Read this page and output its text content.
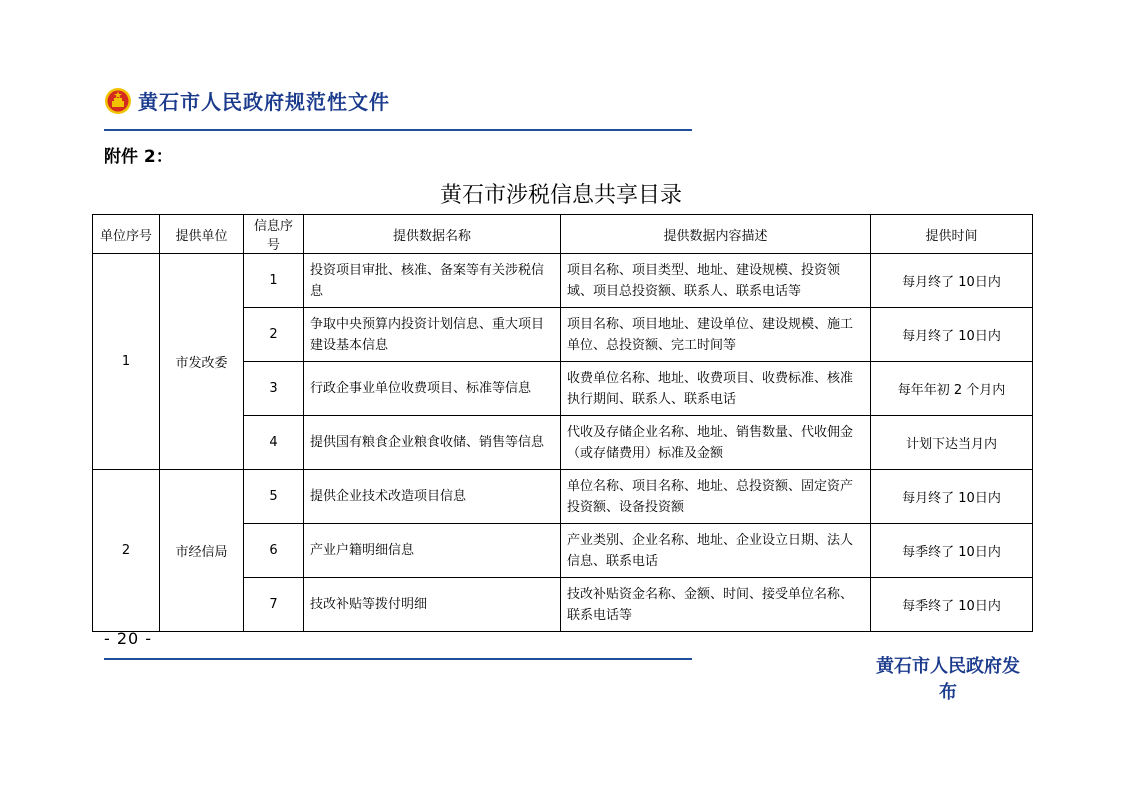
黄石市人民政府规范性文件
附件 2：
黄石市涉税信息共享目录
单位序号	提供单位	信息序号	提供数据名称	提供数据内容描述	提供时间
1	市发改委	1	投资项目审批、核准、备案等有关涉税信息	项目名称、项目类型、地址、建设规模、投资领域、项目总投资额、联系人、联系电话等	每月终了 10日内
		2	争取中央预算内投资计划信息、重大项目建设基本信息	项目名称、项目地址、建设单位、建设规模、施工单位、总投资额、完工时间等	每月终了 10日内
		3	行政企事业单位收费项目、标准等信息	收费单位名称、地址、收费项目、收费标准、核准执行期间、联系人、联系电话	每年年初 2 个月内
		4	提供国有粮食企业粮食收储、销售等信息	代收及存储企业名称、地址、销售数量、代收佣金（或存储费用）标准及金额	计划下达当月内
2	市经信局	5	提供企业技术改造项目信息	单位名称、项目名称、地址、总投资额、固定资产投资额、设备投资额	每月终了 10日内
		6	产业户籍明细信息	产业类别、企业名称、地址、企业设立日期、法人信息、联系电话	每季终了 10日内
		7	技改补贴等拨付明细	技改补贴资金名称、金额、时间、接受单位名称、联系电话等	每季终了 10日内
- 20 -
黄石市人民政府发布
